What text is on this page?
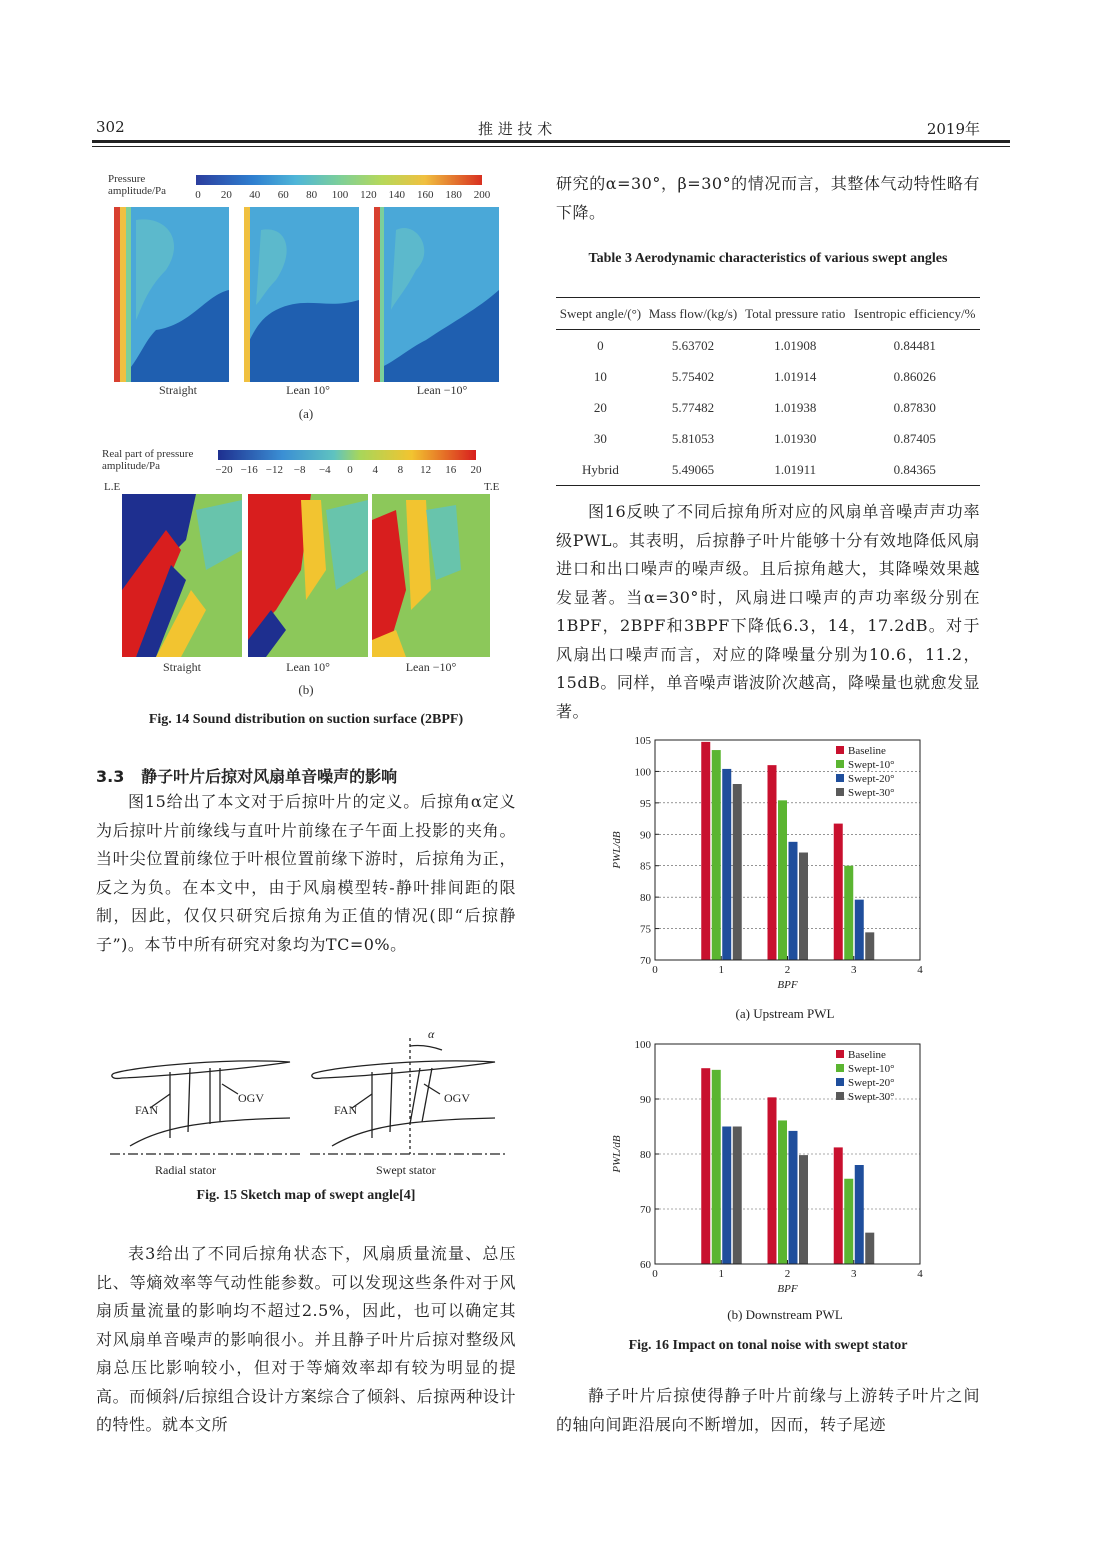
302	推 进 技 术	2019年
Pressure
amplitude/Pa	0 20 40 60 80 100 120 140 160 180 200
Straight	Lean 10°	Lean −10°
(a)
Real part of pressure
amplitude/Pa	−20 −16 −12 −8 −4 0 4 8 12 16 20
L.E	T.E
Straight	Lean 10°	Lean −10°
(b)
Fig. 14 Sound distribution on suction surface (2BPF)
3.3 静子叶片后掠对风扇单音噪声的影响
图15给出了本文对于后掠叶片的定义。后掠角α定义为后掠叶片前缘线与直叶片前缘在子午面上投影的夹角。当叶尖位置前缘位于叶根位置前缘下游时，后掠角为正，反之为负。在本文中，由于风扇模型转-静叶排间距的限制，因此，仅仅只研究后掠角为正值的情况(即“后掠静子”)。本节中所有研究对象均为TC=0%。
FAN
OGV
Radial stator
FAN
OGV
Swept stator
α
Fig. 15 Sketch map of swept angle[4]
表3给出了不同后掠角状态下，风扇质量流量、总压比、等熵效率等气动性能参数。可以发现这些条件对于风扇质量流量的影响均不超过2.5%，因此，也可以确定其对风扇单音噪声的影响很小。并且静子叶片后掠对整级风扇总压比影响较小，但对于等熵效率却有较为明显的提高。而倾斜/后掠组合设计方案综合了倾斜、后掠两种设计的特性。就本文所
研究的α=30°，β=30°的情况而言，其整体气动特性略有下降。
Table 3 Aerodynamic characteristics of various swept angles
Swept angle/(°)	Mass flow/(kg/s)	Total pressure ratio	Isentropic efficiency/%
0	5.63702	1.01908	0.84481
10	5.75402	1.01914	0.86026
20	5.77482	1.01938	0.87830
30	5.81053	1.01930	0.87405
Hybrid	5.49065	1.01911	0.84365
图16反映了不同后掠角所对应的风扇单音噪声声功率级PWL。其表明，后掠静子叶片能够十分有效地降低风扇进口和出口噪声的噪声级。且后掠角越大，其降噪效果越发显著。当α=30°时，风扇进口噪声的声功率级分别在1BPF，2BPF和3BPF下降低6.3，14，17.2dB。对于风扇出口噪声而言，对应的降噪量分别为10.6，11.2，15dB。同样，单音噪声谐波阶次越高，降噪量也就愈发显著。
70
75
80
85
90
95
100
105
0	1	2	3	4
BPF
PWL/dB
Baseline
Swept-10°
Swept-20°
Swept-30°
(a) Upstream PWL
60
70
80
90
100
0	1	2	3	4
BPF
PWL/dB
Baseline
Swept-10°
Swept-20°
Swept-30°
(b) Downstream PWL
Fig. 16 Impact on tonal noise with swept stator
静子叶片后掠使得静子叶片前缘与上游转子叶片之间的轴向间距沿展向不断增加，因而，转子尾迹
